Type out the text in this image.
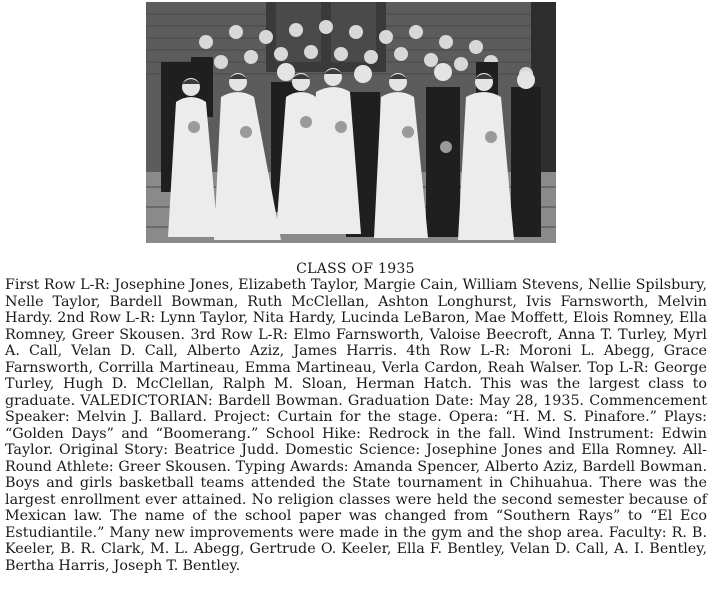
CLASS OF 1935
First Row L-R: Josephine Jones, Elizabeth Taylor, Margie Cain, William Stevens, Nellie Spilsbury, Nelle Taylor, Bardell Bowman, Ruth McClellan, Ashton Longhurst, Ivis Farnsworth, Melvin Hardy. 2nd Row L-R: Lynn Taylor, Nita Hardy, Lucinda LeBaron, Mae Moffett, Elois Romney, Ella Romney, Greer Skousen. 3rd Row L-R: Elmo Farnsworth, Valoise Beecroft, Anna T. Turley, Myrl A. Call, Velan D. Call, Alberto Aziz, James Harris. 4th Row L-R: Moroni L. Abegg, Grace Farnsworth, Corrilla Martineau, Emma Martineau, Verla Cardon, Reah Walser. Top L-R: George Turley, Hugh D. McClellan, Ralph M. Sloan, Herman Hatch. This was the largest class to graduate. VALEDICTORIAN: Bardell Bowman. Graduation Date: May 28, 1935. Commencement Speaker: Melvin J. Ballard. Project: Curtain for the stage. Opera: “H. M. S. Pinafore.” Plays: “Golden Days” and “Boomerang.” School Hike: Redrock in the fall. Wind Instrument: Edwin Taylor. Original Story: Beatrice Judd. Domestic Science: Josephine Jones and Ella Romney. All-Round Athlete: Greer Skousen. Typing Awards: Amanda Spencer, Alberto Aziz, Bardell Bowman. Boys and girls basketball teams attended the State tournament in Chihuahua. There was the largest enrollment ever attained. No religion classes were held the second semester because of Mexican law. The name of the school paper was changed from “Southern Rays” to “El Eco Estudiantile.” Many new improvements were made in the gym and the shop area. Faculty: R. B. Keeler, B. R. Clark, M. L. Abegg, Gertrude O. Keeler, Ella F. Bentley, Velan D. Call, A. I. Bentley, Bertha Harris, Joseph T. Bentley.
